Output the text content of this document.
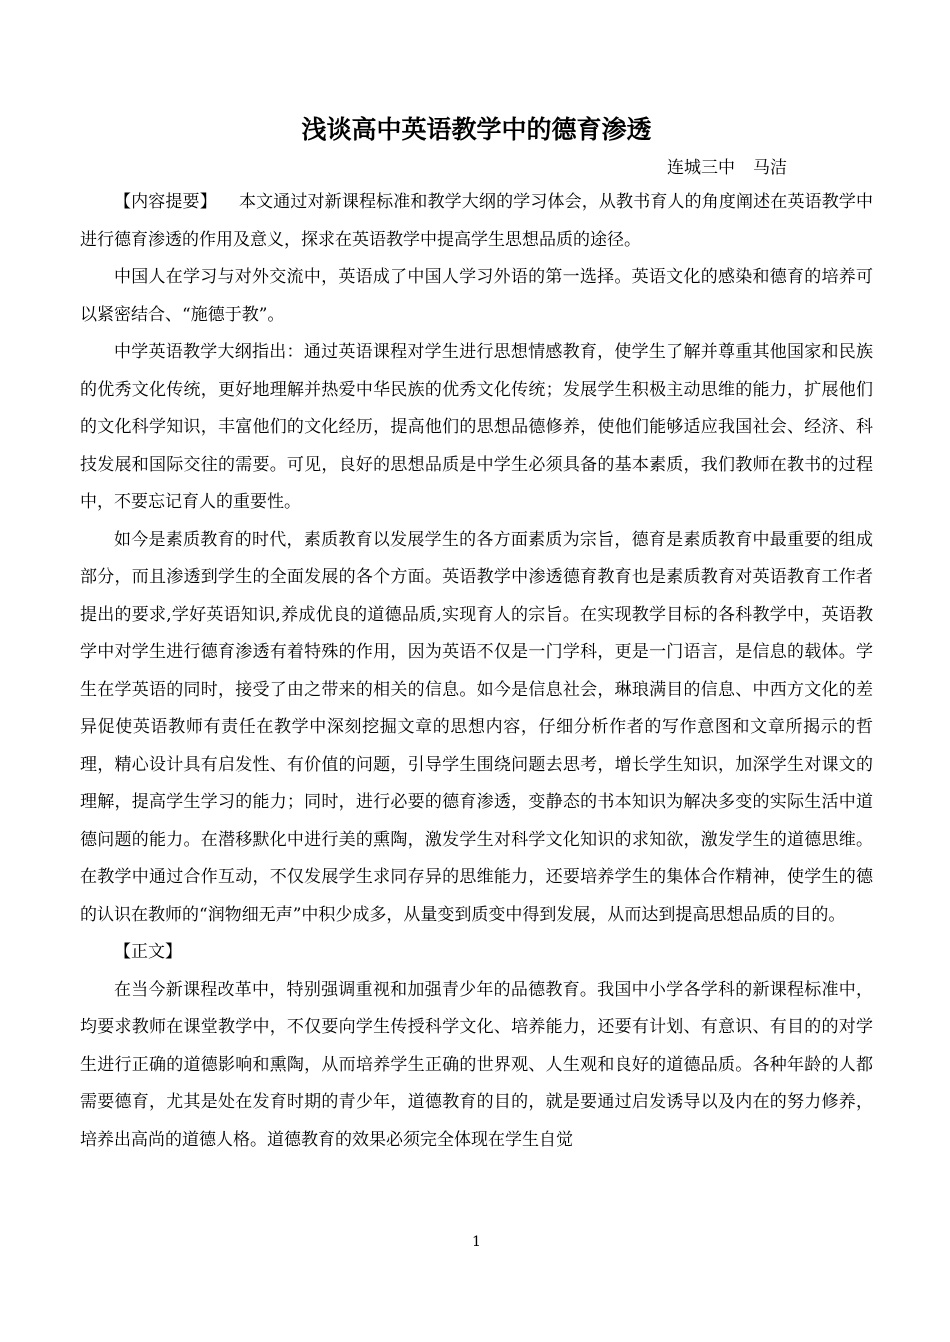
浅谈高中英语教学中的德育渗透
连城三中 马洁

【内容提要】 本文通过对新课程标准和教学大纲的学习体会，从教书育人的角度阐述在英语教学中进行德育渗透的作用及意义，探求在英语教学中提高学生思想品质的途径。

中国人在学习与对外交流中，英语成了中国人学习外语的第一选择。英语文化的感染和德育的培养可以紧密结合、“施德于教”。

中学英语教学大纲指出：通过英语课程对学生进行思想情感教育，使学生了解并尊重其他国家和民族的优秀文化传统，更好地理解并热爱中华民族的优秀文化传统；发展学生积极主动思维的能力，扩展他们的文化科学知识，丰富他们的文化经历，提高他们的思想品德修养，使他们能够适应我国社会、经济、科技发展和国际交往的需要。可见，良好的思想品质是中学生必须具备的基本素质，我们教师在教书的过程中，不要忘记育人的重要性。

如今是素质教育的时代，素质教育以发展学生的各方面素质为宗旨，德育是素质教育中最重要的组成部分，而且渗透到学生的全面发展的各个方面。英语教学中渗透德育教育也是素质教育对英语教育工作者提出的要求,学好英语知识,养成优良的道德品质,实现育人的宗旨。在实现教学目标的各科教学中，英语教学中对学生进行德育渗透有着特殊的作用，因为英语不仅是一门学科，更是一门语言，是信息的载体。学生在学英语的同时，接受了由之带来的相关的信息。如今是信息社会，琳琅满目的信息、中西方文化的差异促使英语教师有责任在教学中深刻挖掘文章的思想内容，仔细分析作者的写作意图和文章所揭示的哲理，精心设计具有启发性、有价值的问题，引导学生围绕问题去思考，增长学生知识，加深学生对课文的理解，提高学生学习的能力；同时，进行必要的德育渗透，变静态的书本知识为解决多变的实际生活中道德问题的能力。在潜移默化中进行美的熏陶，激发学生对科学文化知识的求知欲，激发学生的道德思维。在教学中通过合作互动，不仅发展学生求同存异的思维能力，还要培养学生的集体合作精神，使学生的德的认识在教师的“润物细无声”中积少成多，从量变到质变中得到发展，从而达到提高思想品质的目的。

【正文】

在当今新课程改革中，特别强调重视和加强青少年的品德教育。我国中小学各学科的新课程标准中，均要求教师在课堂教学中，不仅要向学生传授科学文化、培养能力，还要有计划、有意识、有目的的对学生进行正确的道德影响和熏陶，从而培养学生正确的世界观、人生观和良好的道德品质。各种年龄的人都需要德育，尤其是处在发育时期的青少年，道德教育的目的，就是要通过启发诱导以及内在的努力修养，培养出高尚的道德人格。道德教育的效果必须完全体现在学生自觉

1
